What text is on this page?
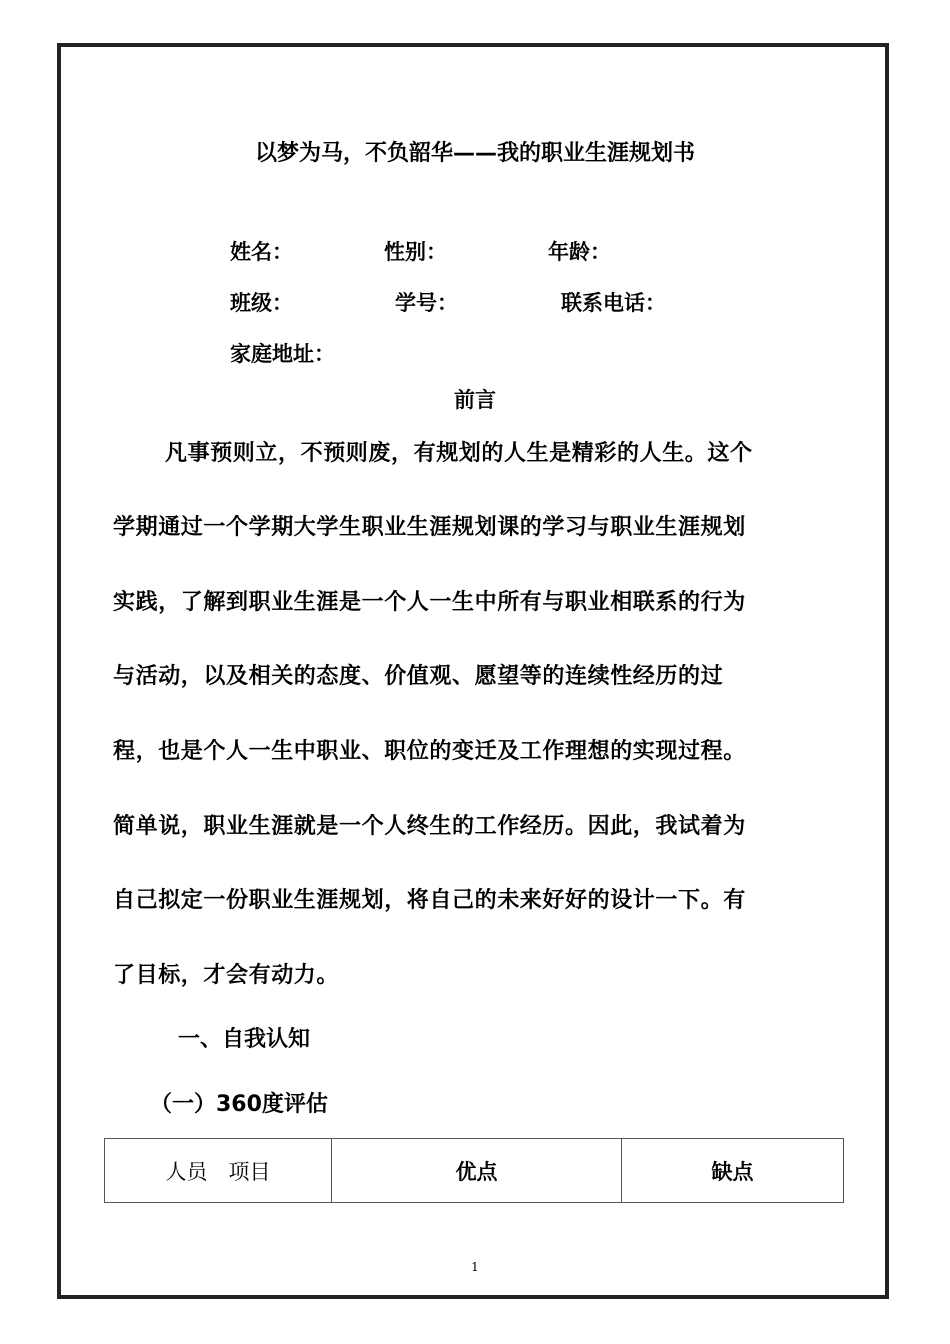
以梦为马，不负韶华——我的职业生涯规划书
姓名：	性别：	年龄：
班级：	学号：	联系电话：
家庭地址：
前言
凡事预则立，不预则废，有规划的人生是精彩的人生。这个
学期通过一个学期大学生职业生涯规划课的学习与职业生涯规划
实践，了解到职业生涯是一个人一生中所有与职业相联系的行为
与活动，以及相关的态度、价值观、愿望等的连续性经历的过
程，也是个人一生中职业、职位的变迁及工作理想的实现过程。
简单说，职业生涯就是一个人终生的工作经历。因此，我试着为
自己拟定一份职业生涯规划，将自己的未来好好的设计一下。有
了目标，才会有动力。
一、自我认知
（一）360度评估
人员　项目	优点	缺点
1
